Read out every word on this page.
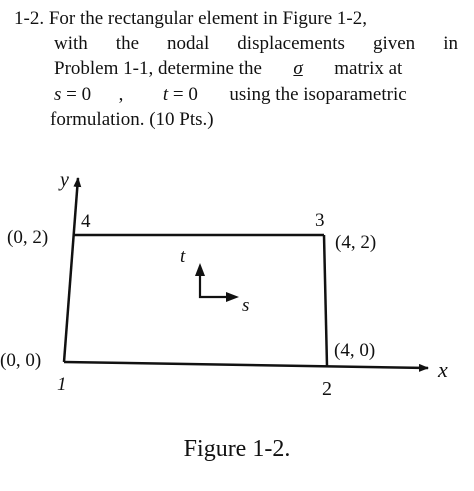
1-2. For the rectangular element in Figure 1-2,
with the nodal displacements given in
Problem 1-1, determine the σ matrix at
s = 0 , t = 0 using the isoparametric
formulation. (10 Pts.)
y
x
t
s
1	2
3
4
(0, 0)	(4, 0)
(4, 2)
(0, 2)
Figure 1-2.
